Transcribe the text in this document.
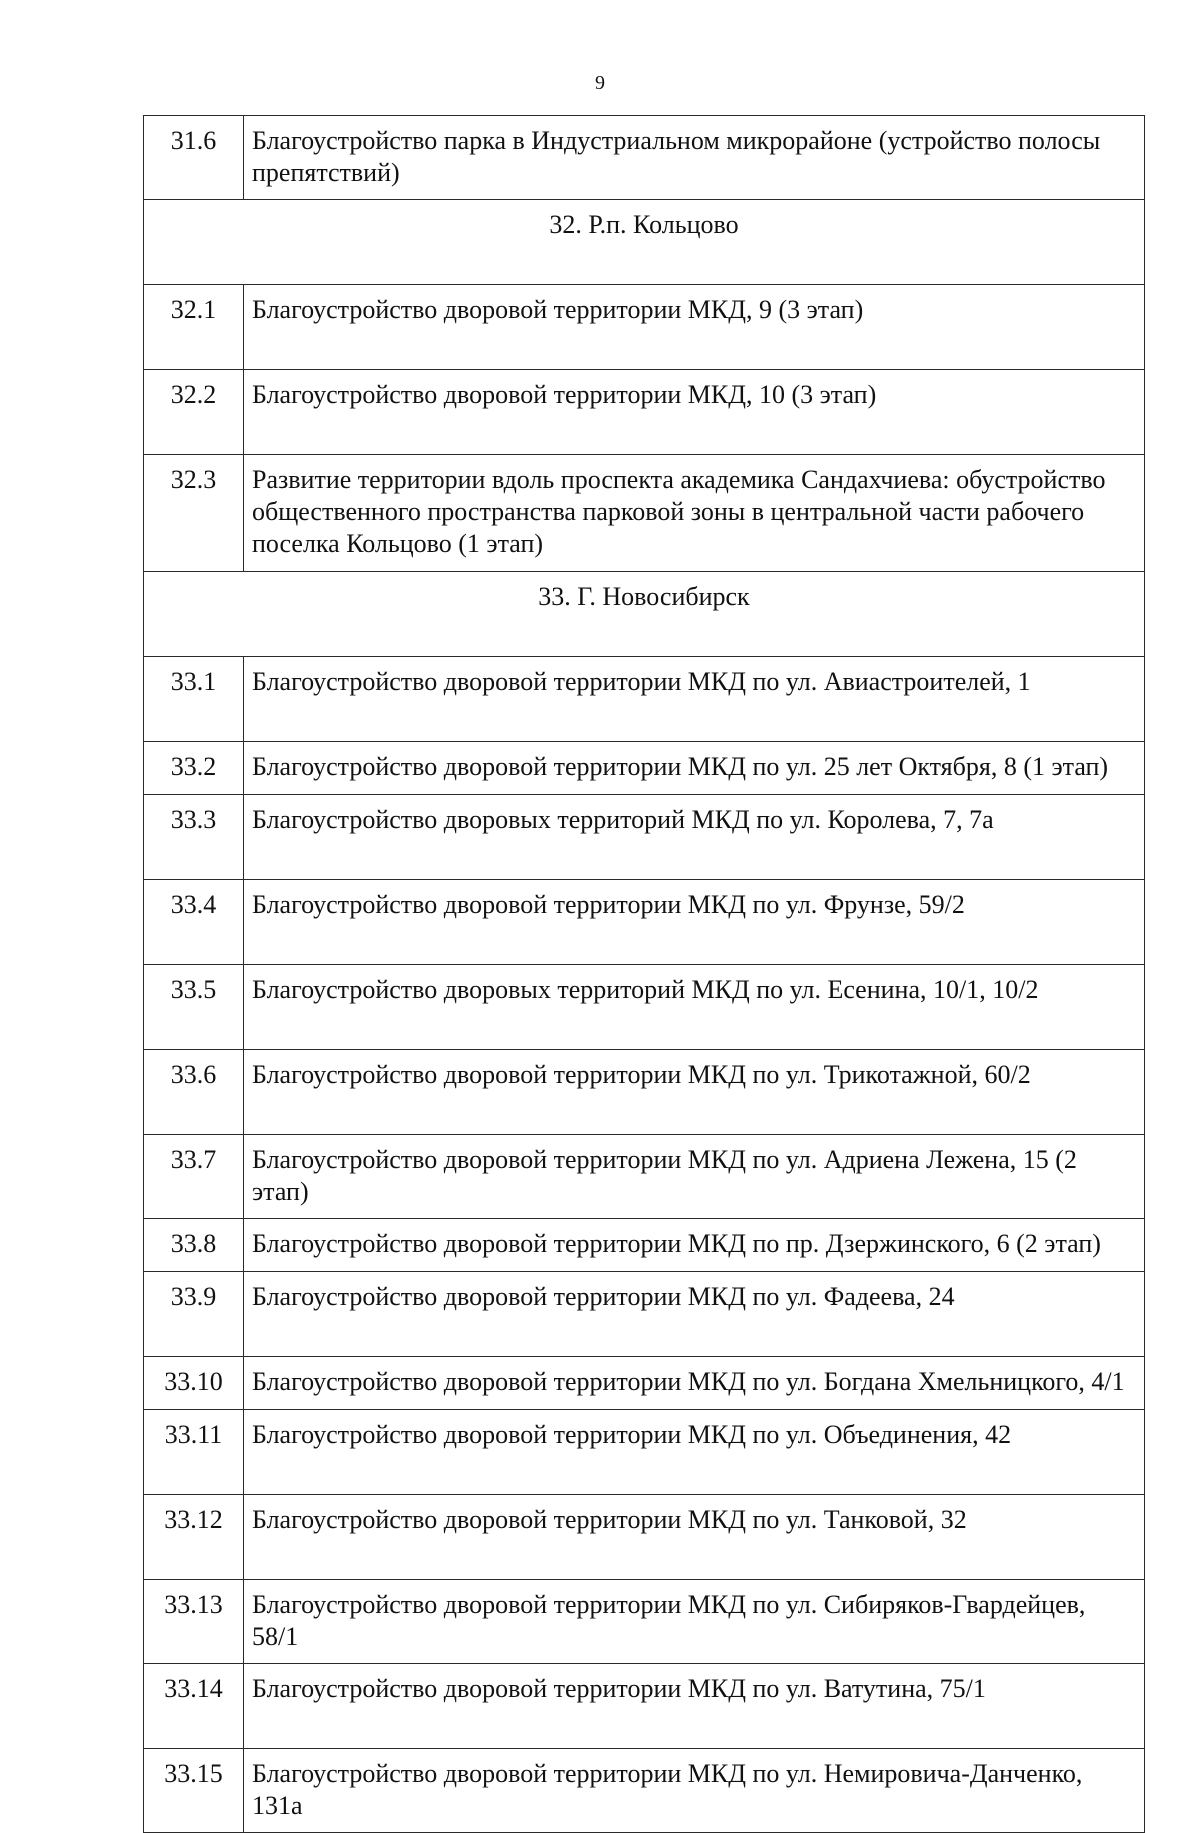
9
31.6	Благоустройство парка в Индустриальном микрорайоне (устройство полосы препятствий)
32. Р.п. Кольцово	
32.1	Благоустройство дворовой территории МКД, 9 (3 этап)
32.2	Благоустройство дворовой территории МКД, 10 (3 этап)
32.3	Развитие территории вдоль проспекта академика Сандахчиева: обустройство общественного пространства парковой зоны в центральной части рабочего поселка Кольцово (1 этап)
33. Г. Новосибирск	
33.1	Благоустройство дворовой территории МКД по ул. Авиастроителей, 1
33.2	Благоустройство дворовой территории МКД по ул. 25 лет Октября, 8 (1 этап)
33.3	Благоустройство дворовых территорий МКД по ул. Королева, 7, 7а
33.4	Благоустройство дворовой территории МКД по ул. Фрунзе, 59/2
33.5	Благоустройство дворовых территорий МКД по ул. Есенина, 10/1, 10/2
33.6	Благоустройство дворовой территории МКД по ул. Трикотажной, 60/2
33.7	Благоустройство дворовой территории МКД по ул. Адриена Лежена, 15 (2 этап)
33.8	Благоустройство дворовой территории МКД по пр. Дзержинского, 6 (2 этап)
33.9	Благоустройство дворовой территории МКД по ул. Фадеева, 24
33.10	Благоустройство дворовой территории МКД по ул. Богдана Хмельницкого, 4/1
33.11	Благоустройство дворовой территории МКД по ул. Объединения, 42
33.12	Благоустройство дворовой территории МКД по ул. Танковой, 32
33.13	Благоустройство дворовой территории МКД по ул. Сибиряков-Гвардейцев, 58/1
33.14	Благоустройство дворовой территории МКД по ул. Ватутина, 75/1
33.15	Благоустройство дворовой территории МКД по ул. Немировича-Данченко, 131а
